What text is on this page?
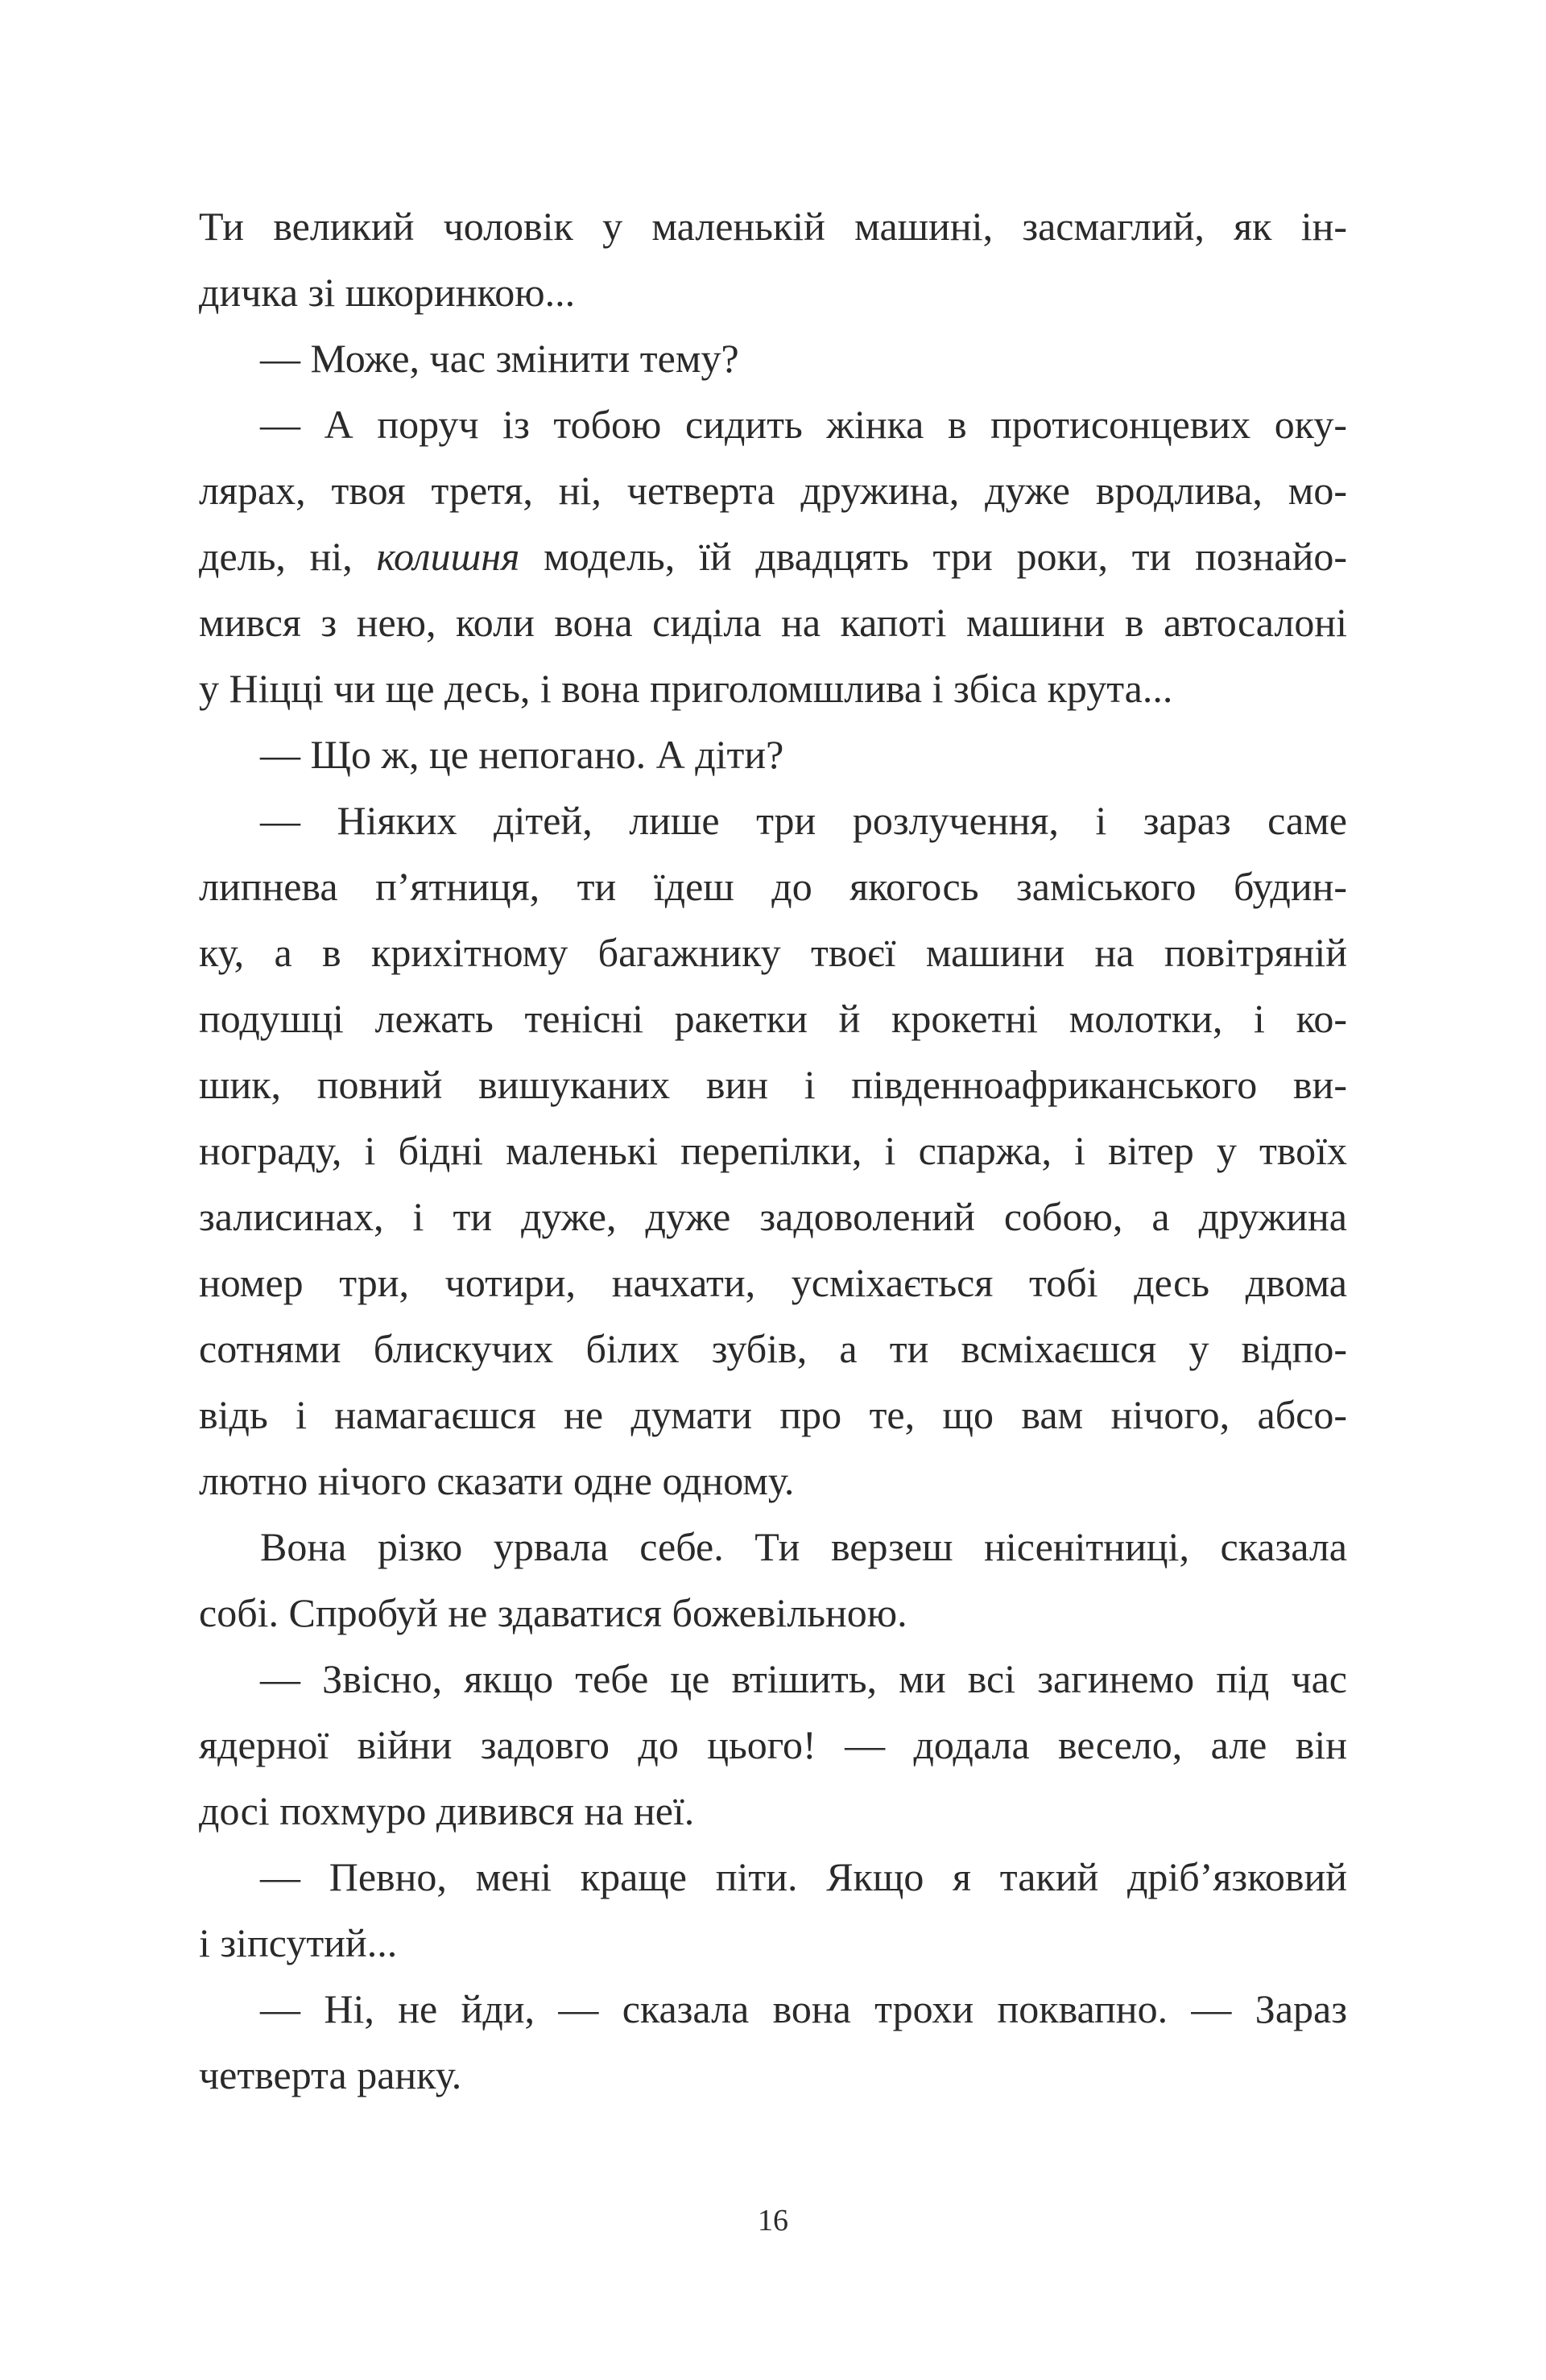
Ти великий чоловік у маленькій машині, засмаглий, як ін-
дичка зі шкоринкою...
— Може, час змінити тему?
— А поруч із тобою сидить жінка в протисонцевих оку-
лярах, твоя третя, ні, четверта дружина, дуже вродлива, мо-
дель, ні, колишня модель, їй двадцять три роки, ти познайо-
мився з нею, коли вона сиділа на капоті машини в автосалоні
у Ніцці чи ще десь, і вона приголомшлива і збіса крута...
— Що ж, це непогано. А діти?
— Ніяких дітей, лише три розлучення, і зараз саме
липнева п’ятниця, ти їдеш до якогось заміського будин-
ку, а в крихітному багажнику твоєї машини на повітряній
подушці лежать тенісні ракетки й крокетні молотки, і ко-
шик, повний вишуканих вин і південноафриканського ви-
нограду, і бідні маленькі перепілки, і спаржа, і вітер у твоїх
залисинах, і ти дуже, дуже задоволений собою, а дружина
номер три, чотири, начхати, усміхається тобі десь двома
сотнями блискучих білих зубів, а ти всміхаєшся у відпо-
відь і намагаєшся не думати про те, що вам нічого, абсо-
лютно нічого сказати одне одному.
Вона різко урвала себе. Ти верзеш нісенітниці, сказала
собі. Спробуй не здаватися божевільною.
— Звісно, якщо тебе це втішить, ми всі загинемо під час
ядерної війни задовго до цього! — додала весело, але він
досі похмуро дивився на неї.
— Певно, мені краще піти. Якщо я такий дріб’язковий
і зіпсутий...
— Ні, не йди, — сказала вона трохи поквапно. — Зараз
четверта ранку.
16
